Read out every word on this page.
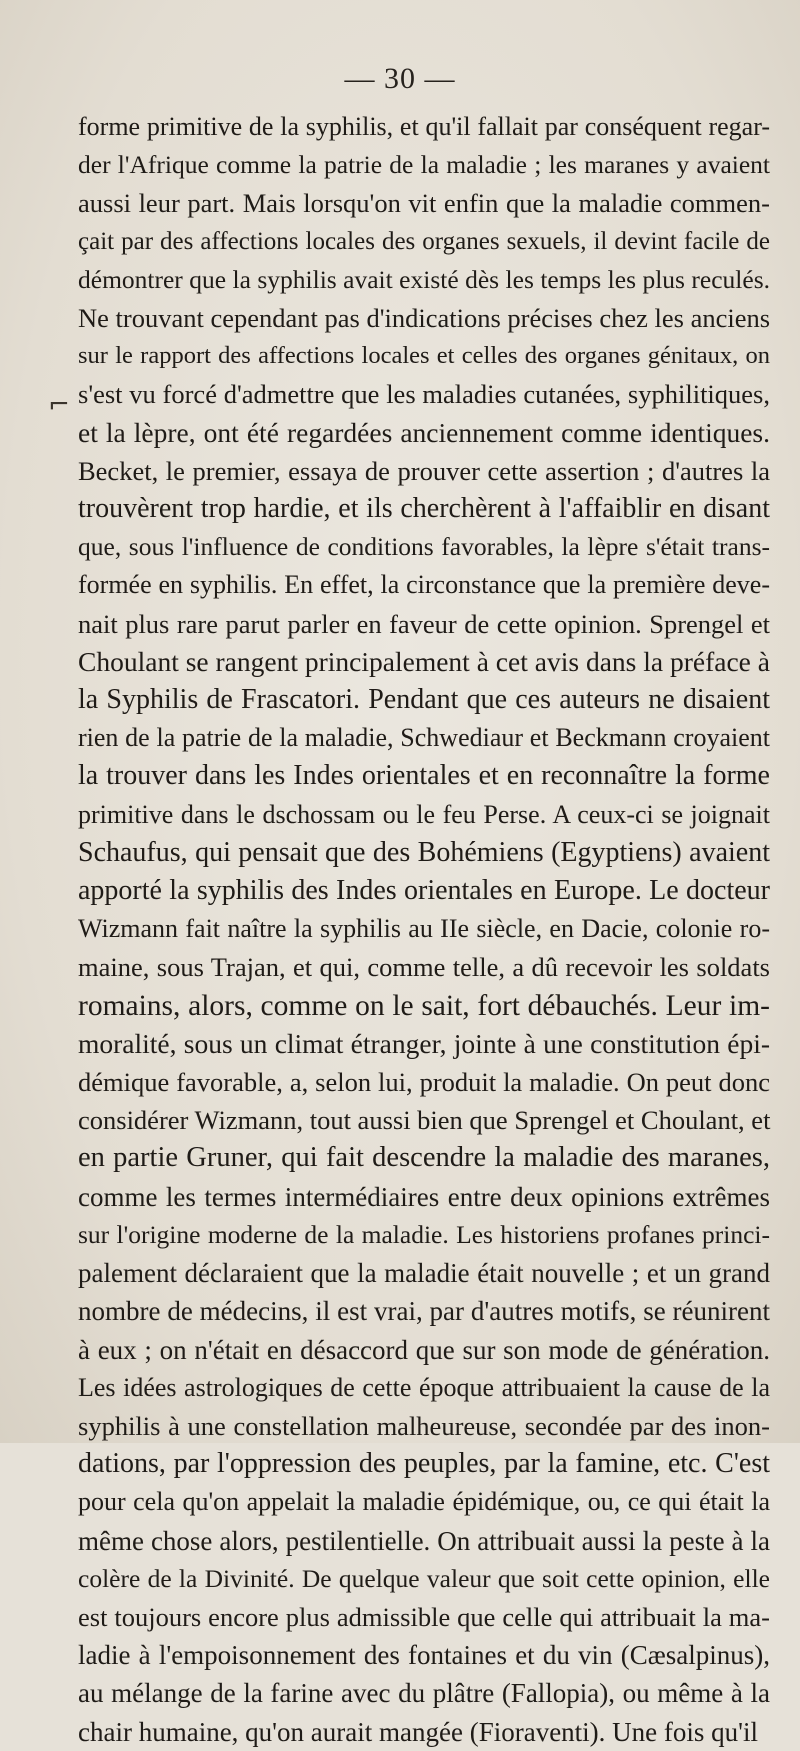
— 30 —
⌐
forme primitive de la syphilis, et qu'il fallait par conséquent regar-
der l'Afrique comme la patrie de la maladie ; les maranes y avaient
aussi leur part. Mais lorsqu'on vit enfin que la maladie commen-
çait par des affections locales des organes sexuels, il devint facile de
démontrer que la syphilis avait existé dès les temps les plus reculés.
Ne trouvant cependant pas d'indications précises chez les anciens
sur le rapport des affections locales et celles des organes génitaux, on
s'est vu forcé d'admettre que les maladies cutanées, syphilitiques,
et la lèpre, ont été regardées anciennement comme identiques.
Becket, le premier, essaya de prouver cette assertion ; d'autres la
trouvèrent trop hardie, et ils cherchèrent à l'affaiblir en disant
que, sous l'influence de conditions favorables, la lèpre s'était trans-
formée en syphilis. En effet, la circonstance que la première deve-
nait plus rare parut parler en faveur de cette opinion. Sprengel et
Choulant se rangent principalement à cet avis dans la préface à
la Syphilis de Frascatori. Pendant que ces auteurs ne disaient
rien de la patrie de la maladie, Schwediaur et Beckmann croyaient
la trouver dans les Indes orientales et en reconnaître la forme
primitive dans le dschossam ou le feu Perse. A ceux-ci se joignait
Schaufus, qui pensait que des Bohémiens (Egyptiens) avaient
apporté la syphilis des Indes orientales en Europe. Le docteur
Wizmann fait naître la syphilis au IIe siècle, en Dacie, colonie ro-
maine, sous Trajan, et qui, comme telle, a dû recevoir les soldats
romains, alors, comme on le sait, fort débauchés. Leur im-
moralité, sous un climat étranger, jointe à une constitution épi-
démique favorable, a, selon lui, produit la maladie. On peut donc
considérer Wizmann, tout aussi bien que Sprengel et Choulant, et
en partie Gruner, qui fait descendre la maladie des maranes,
comme les termes intermédiaires entre deux opinions extrêmes
sur l'origine moderne de la maladie. Les historiens profanes princi-
palement déclaraient que la maladie était nouvelle ; et un grand
nombre de médecins, il est vrai, par d'autres motifs, se réunirent
à eux ; on n'était en désaccord que sur son mode de génération.
Les idées astrologiques de cette époque attribuaient la cause de la
syphilis à une constellation malheureuse, secondée par des inon-
dations, par l'oppression des peuples, par la famine, etc. C'est
pour cela qu'on appelait la maladie épidémique, ou, ce qui était la
même chose alors, pestilentielle. On attribuait aussi la peste à la
colère de la Divinité. De quelque valeur que soit cette opinion, elle
est toujours encore plus admissible que celle qui attribuait la ma-
ladie à l'empoisonnement des fontaines et du vin (Cæsalpinus),
au mélange de la farine avec du plâtre (Fallopia), ou même à la
chair humaine, qu'on aurait mangée (Fioraventi). Une fois qu'il
